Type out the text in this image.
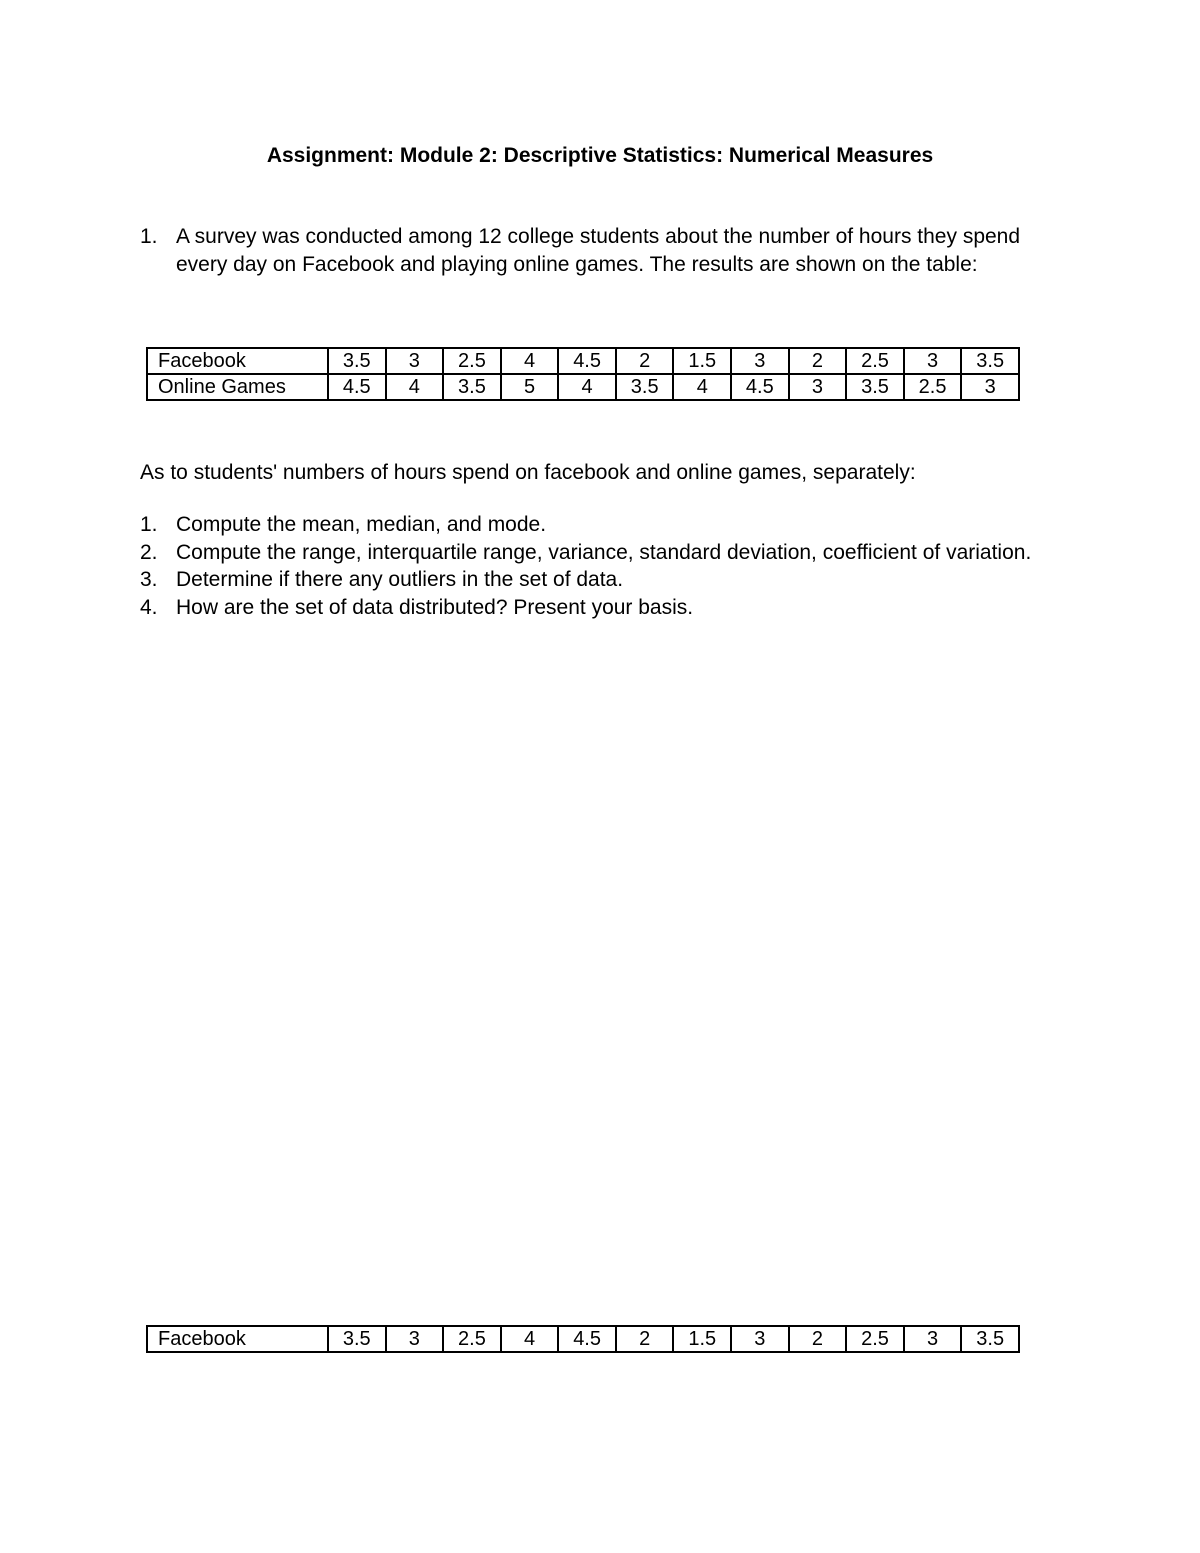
Assignment: Module 2: Descriptive Statistics: Numerical Measures
1. A survey was conducted among 12 college students about the number of hours they spend every day on Facebook and playing online games. The results are shown on the table:
Facebook	3.5	3	2.5	4	4.5	2	1.5	3	2	2.5	3	3.5
Online Games	4.5	4	3.5	5	4	3.5	4	4.5	3	3.5	2.5	3
As to students' numbers of hours spend on facebook and online games, separately:
1. Compute the mean, median, and mode.
2. Compute the range, interquartile range, variance, standard deviation, coefficient of variation.
3. Determine if there any outliers in the set of data.
4. How are the set of data distributed? Present your basis.
Facebook	3.5	3	2.5	4	4.5	2	1.5	3	2	2.5	3	3.5
